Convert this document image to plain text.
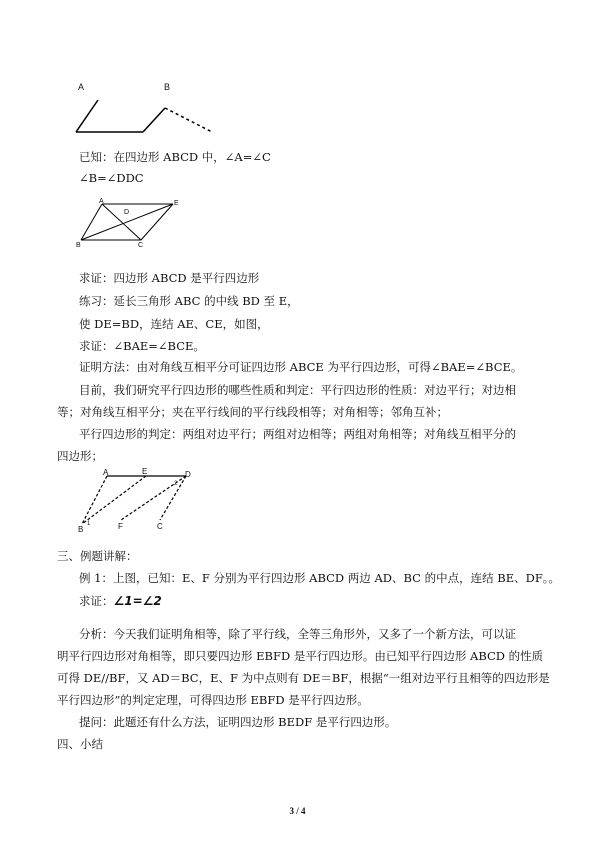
A	B
已知：在四边形 ABCD 中，∠A=∠C
∠B=∠DDC
A
D
E
B	C
求证：四边形 ABCD 是平行四边形
练习：延长三角形 ABC 的中线 BD 至 E，
使 DE=BD，连结 AE、CE，如图，
求证：∠BAE=∠BCE。
证明方法：由对角线互相平分可证四边形 ABCE 为平行四边形，可得∠BAE=∠BCE。
目前，我们研究平行四边形的哪些性质和判定：平行四边形的性质：对边平行；对边相
等；对角线互相平分；夹在平行线间的平行线段相等；对角相等；邻角互补；
平行四边形的判定：两组对边平行；两组对边相等；两组对角相等；对角线互相平分的
四边形；
A	E	D
1
2
B	F	C
三、例题讲解：
例 1：上图，已知：E、F 分别为平行四边形 ABCD 两边 AD、BC 的中点，连结 BE、DF。。
求证：∠1=∠2
分析：今天我们证明角相等，除了平行线，全等三角形外，又多了一个新方法，可以证
明平行四边形对角相等，即只要四边形 EBFD 是平行四边形。由已知平行四边形 ABCD 的性质
可得 DE//BF，又 AD＝BC，E、F 为中点则有 DE＝BF，根据“一组对边平行且相等的四边形是
平行四边形”的判定定理，可得四边形 EBFD 是平行四边形。
提问：此题还有什么方法，证明四边形 BEDF 是平行四边形。
四、小结
3 / 4
